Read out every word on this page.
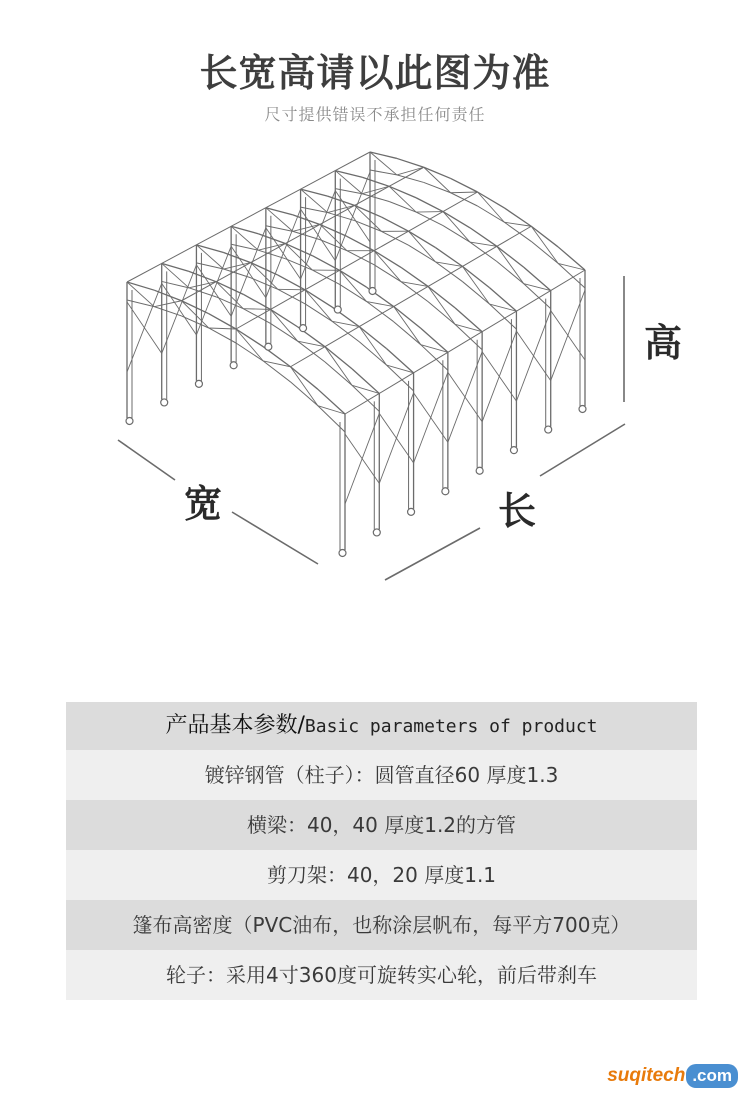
长宽高请以此图为准
尺寸提供错误不承担任何责任
高
宽	长
产品基本参数/Basic parameters of product
镀锌钢管（柱子）：圆管直径60 厚度1.3
横梁：40，40 厚度1.2的方管
剪刀架：40，20 厚度1.1
篷布高密度（PVC油布，也称涂层帆布，每平方700克）
轮子：采用4寸360度可旋转实心轮，前后带刹车
suqitech .com
